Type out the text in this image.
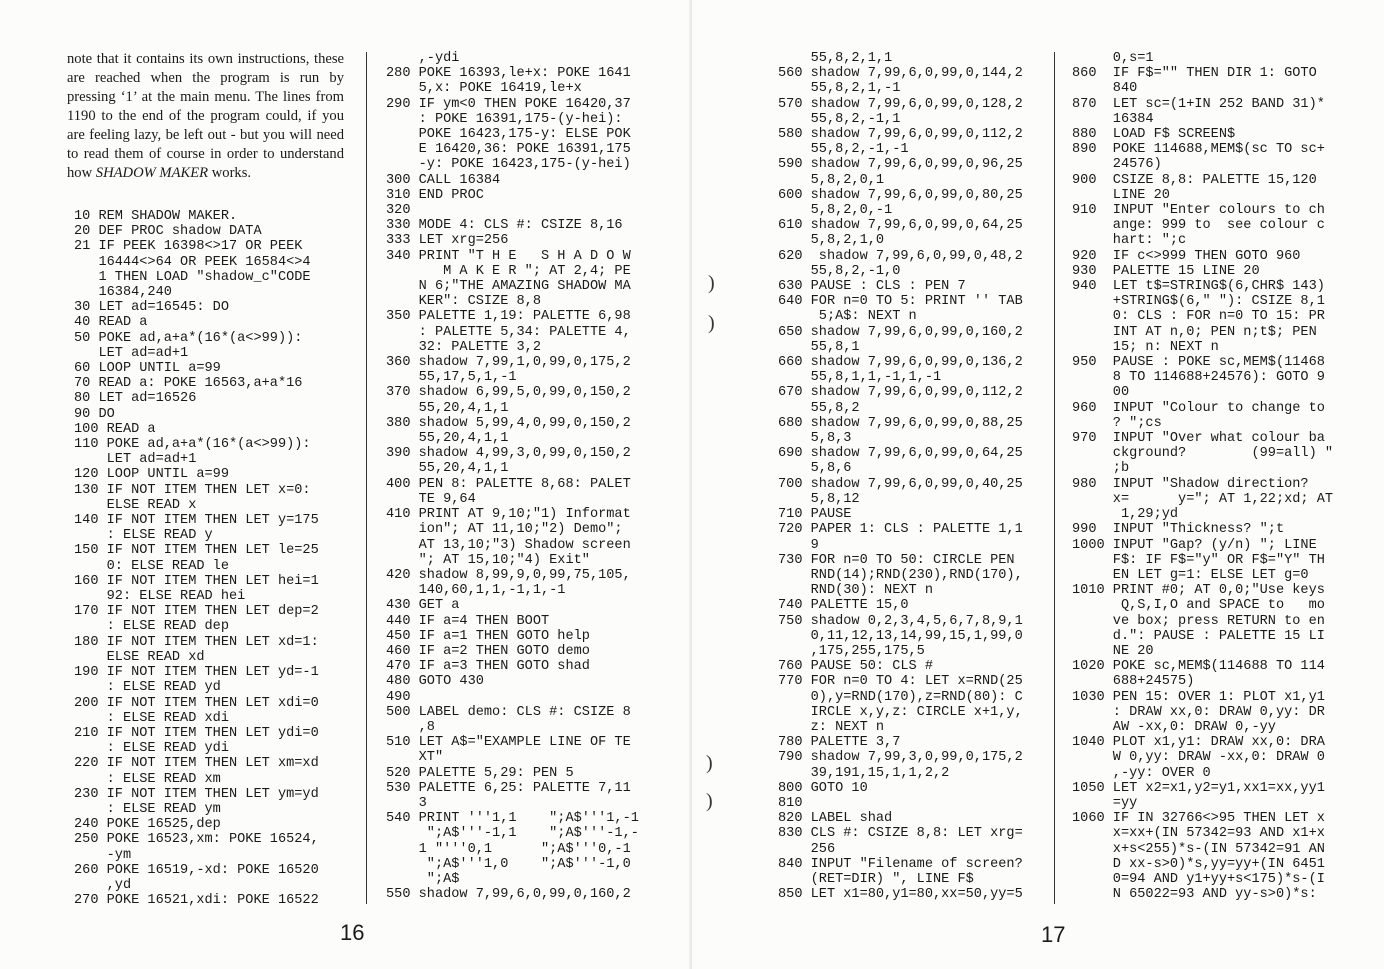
note that it contains its own instructions, these are reached when the program is run by pressing ‘1’ at the main menu. The lines from 1190 to the end of the program could, if you are feeling lazy, be left out - but you will need to read them of course in order to understand how SHADOW MAKER works.

10 REM SHADOW MAKER.
20 DEF PROC shadow DATA
21 IF PEEK 16398<>17 OR PEEK
16444<>64 OR PEEK 16584<>4
1 THEN LOAD "shadow_c"CODE
16384,240
30 LET ad=16545: DO
40 READ a
50 POKE ad,a+a*(16*(a<>99)):
LET ad=ad+1
60 LOOP UNTIL a=99
70 READ a: POKE 16563,a+a*16
80 LET ad=16526
90 DO
100 READ a
110 POKE ad,a+a*(16*(a<>99)):
LET ad=ad+1
120 LOOP UNTIL a=99
130 IF NOT ITEM THEN LET x=0:
ELSE READ x
140 IF NOT ITEM THEN LET y=175
: ELSE READ y
150 IF NOT ITEM THEN LET le=25
0: ELSE READ le
160 IF NOT ITEM THEN LET hei=1
92: ELSE READ hei
170 IF NOT ITEM THEN LET dep=2
: ELSE READ dep
180 IF NOT ITEM THEN LET xd=1:
ELSE READ xd
190 IF NOT ITEM THEN LET yd=-1
: ELSE READ yd
200 IF NOT ITEM THEN LET xdi=0
: ELSE READ xdi
210 IF NOT ITEM THEN LET ydi=0
: ELSE READ ydi
220 IF NOT ITEM THEN LET xm=xd
: ELSE READ xm
230 IF NOT ITEM THEN LET ym=yd
: ELSE READ ym
240 POKE 16525,dep
250 POKE 16523,xm: POKE 16524,
-ym
260 POKE 16519,-xd: POKE 16520
,yd
270 POKE 16521,xdi: POKE 16522
,-ydi
280 POKE 16393,le+x: POKE 1641
5,x: POKE 16419,le+x
290 IF ym<0 THEN POKE 16420,37
: POKE 16391,175-(y-hei):
POKE 16423,175-y: ELSE POK
E 16420,36: POKE 16391,175
-y: POKE 16423,175-(y-hei)
300 CALL 16384
310 END PROC
320
330 MODE 4: CLS #: CSIZE 8,16
333 LET xrg=256
340 PRINT "T H E   S H A D O W
M A K E R "; AT 2,4; PE
N 6;"THE AMAZING SHADOW MA
KER": CSIZE 8,8
350 PALETTE 1,19: PALETTE 6,98
: PALETTE 5,34: PALETTE 4,
32: PALETTE 3,2
360 shadow 7,99,1,0,99,0,175,2
55,17,5,1,-1
370 shadow 6,99,5,0,99,0,150,2
55,20,4,1,1
380 shadow 5,99,4,0,99,0,150,2
55,20,4,1,1
390 shadow 4,99,3,0,99,0,150,2
55,20,4,1,1
400 PEN 8: PALETTE 8,68: PALET
TE 9,64
410 PRINT AT 9,10;"1) Informat
ion"; AT 11,10;"2) Demo";
AT 13,10;"3) Shadow screen
"; AT 15,10;"4) Exit"
420 shadow 8,99,9,0,99,75,105,
140,60,1,1,-1,1,-1
430 GET a
440 IF a=4 THEN BOOT
450 IF a=1 THEN GOTO help
460 IF a=2 THEN GOTO demo
470 IF a=3 THEN GOTO shad
480 GOTO 430
490
500 LABEL demo: CLS #: CSIZE 8
,8
510 LET A$="EXAMPLE LINE OF TE
XT"
520 PALETTE 5,29: PEN 5
530 PALETTE 6,25: PALETTE 7,11
3
540 PRINT '''1,1    ";A$'''1,-1
";A$'''-1,1    ";A$'''-1,-
1 "'''0,1      ";A$'''0,-1
";A$'''1,0    ";A$'''-1,0
";A$
550 shadow 7,99,6,0,99,0,160,2
16
55,8,2,1,1
560 shadow 7,99,6,0,99,0,144,2
55,8,2,1,-1
570 shadow 7,99,6,0,99,0,128,2
55,8,2,-1,1
580 shadow 7,99,6,0,99,0,112,2
55,8,2,-1,-1
590 shadow 7,99,6,0,99,0,96,25
5,8,2,0,1
600 shadow 7,99,6,0,99,0,80,25
5,8,2,0,-1
610 shadow 7,99,6,0,99,0,64,25
5,8,2,1,0
620  shadow 7,99,6,0,99,0,48,2
55,8,2,-1,0
630 PAUSE : CLS : PEN 7
640 FOR n=0 TO 5: PRINT '' TAB
5;A$: NEXT n
650 shadow 7,99,6,0,99,0,160,2
55,8,1
660 shadow 7,99,6,0,99,0,136,2
55,8,1,1,-1,1,-1
670 shadow 7,99,6,0,99,0,112,2
55,8,2
680 shadow 7,99,6,0,99,0,88,25
5,8,3
690 shadow 7,99,6,0,99,0,64,25
5,8,6
700 shadow 7,99,6,0,99,0,40,25
5,8,12
710 PAUSE
720 PAPER 1: CLS : PALETTE 1,1
9
730 FOR n=0 TO 50: CIRCLE PEN
RND(14);RND(230),RND(170),
RND(30): NEXT n
740 PALETTE 15,0
750 shadow 0,2,3,4,5,6,7,8,9,1
0,11,12,13,14,99,15,1,99,0
,175,255,175,5
760 PAUSE 50: CLS #
770 FOR n=0 TO 4: LET x=RND(25
0),y=RND(170),z=RND(80): C
IRCLE x,y,z: CIRCLE x+1,y,
z: NEXT n
780 PALETTE 3,7
790 shadow 7,99,3,0,99,0,175,2
39,191,15,1,1,2,2
800 GOTO 10
810
820 LABEL shad
830 CLS #: CSIZE 8,8: LET xrg=
256
840 INPUT "Filename of screen?
(RET=DIR) ", LINE F$
850 LET x1=80,y1=80,xx=50,yy=5
0,s=1
860  IF F$="" THEN DIR 1: GOTO
840
870  LET sc=(1+IN 252 BAND 31)*
16384
880  LOAD F$ SCREEN$
890  POKE 114688,MEM$(sc TO sc+
24576)
900  CSIZE 8,8: PALETTE 15,120
LINE 20
910  INPUT "Enter colours to ch
ange: 999 to  see colour c
hart: ";c
920  IF c<>999 THEN GOTO 960
930  PALETTE 15 LINE 20
940  LET t$=STRING$(6,CHR$ 143)
+STRING$(6," "): CSIZE 8,1
0: CLS : FOR n=0 TO 15: PR
INT AT n,0; PEN n;t$; PEN
15; n: NEXT n
950  PAUSE : POKE sc,MEM$(11468
8 TO 114688+24576): GOTO 9
00
960  INPUT "Colour to change to
? ";cs
970  INPUT "Over what colour ba
ckground?        (99=all) "
;b
980  INPUT "Shadow direction?
x=      y="; AT 1,22;xd; AT
1,29;yd
990  INPUT "Thickness? ";t
1000 INPUT "Gap? (y/n) "; LINE
F$: IF F$="y" OR F$="Y" TH
EN LET g=1: ELSE LET g=0
1010 PRINT #0; AT 0,0;"Use keys
Q,S,I,O and SPACE to   mo
ve box; press RETURN to en
d.": PAUSE : PALETTE 15 LI
NE 20
1020 POKE sc,MEM$(114688 TO 114
688+24575)
1030 PEN 15: OVER 1: PLOT x1,y1
: DRAW xx,0: DRAW 0,yy: DR
AW -xx,0: DRAW 0,-yy
1040 PLOT x1,y1: DRAW xx,0: DRA
W 0,yy: DRAW -xx,0: DRAW 0
,-yy: OVER 0
1050 LET x2=x1,y2=y1,xx1=xx,yy1
=yy
1060 IF IN 32766<>95 THEN LET x
x=xx+(IN 57342=93 AND x1+x
x+s<255)*s-(IN 57342=91 AN
D xx-s>0)*s,yy=yy+(IN 6451
0=94 AND y1+yy+s<175)*s-(I
N 65022=93 AND yy-s>0)*s:
17
)
)
)
)
